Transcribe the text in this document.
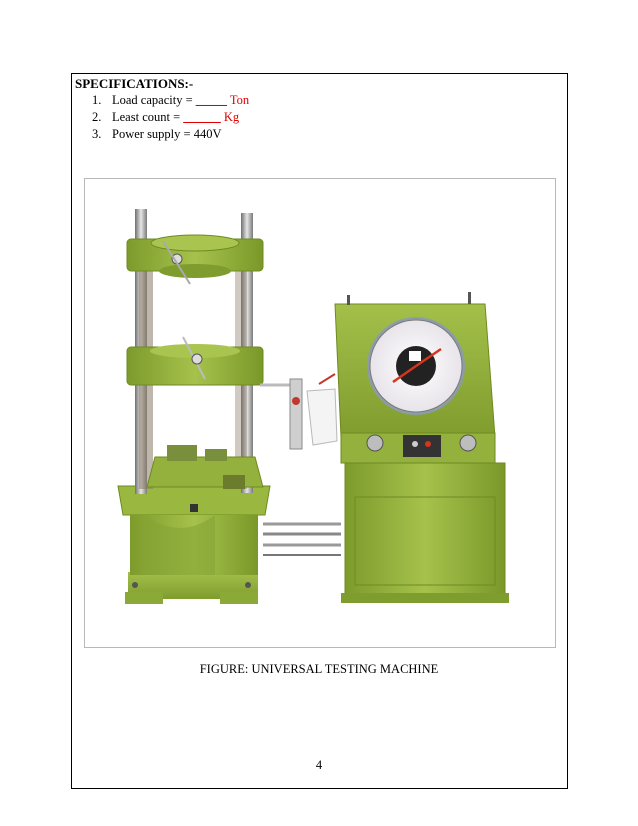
SPECIFICATIONS:-
1. Load capacity = _____ Ton
2. Least count = ______ Kg
3. Power supply = 440V
FIGURE: UNIVERSAL TESTING MACHINE
4
